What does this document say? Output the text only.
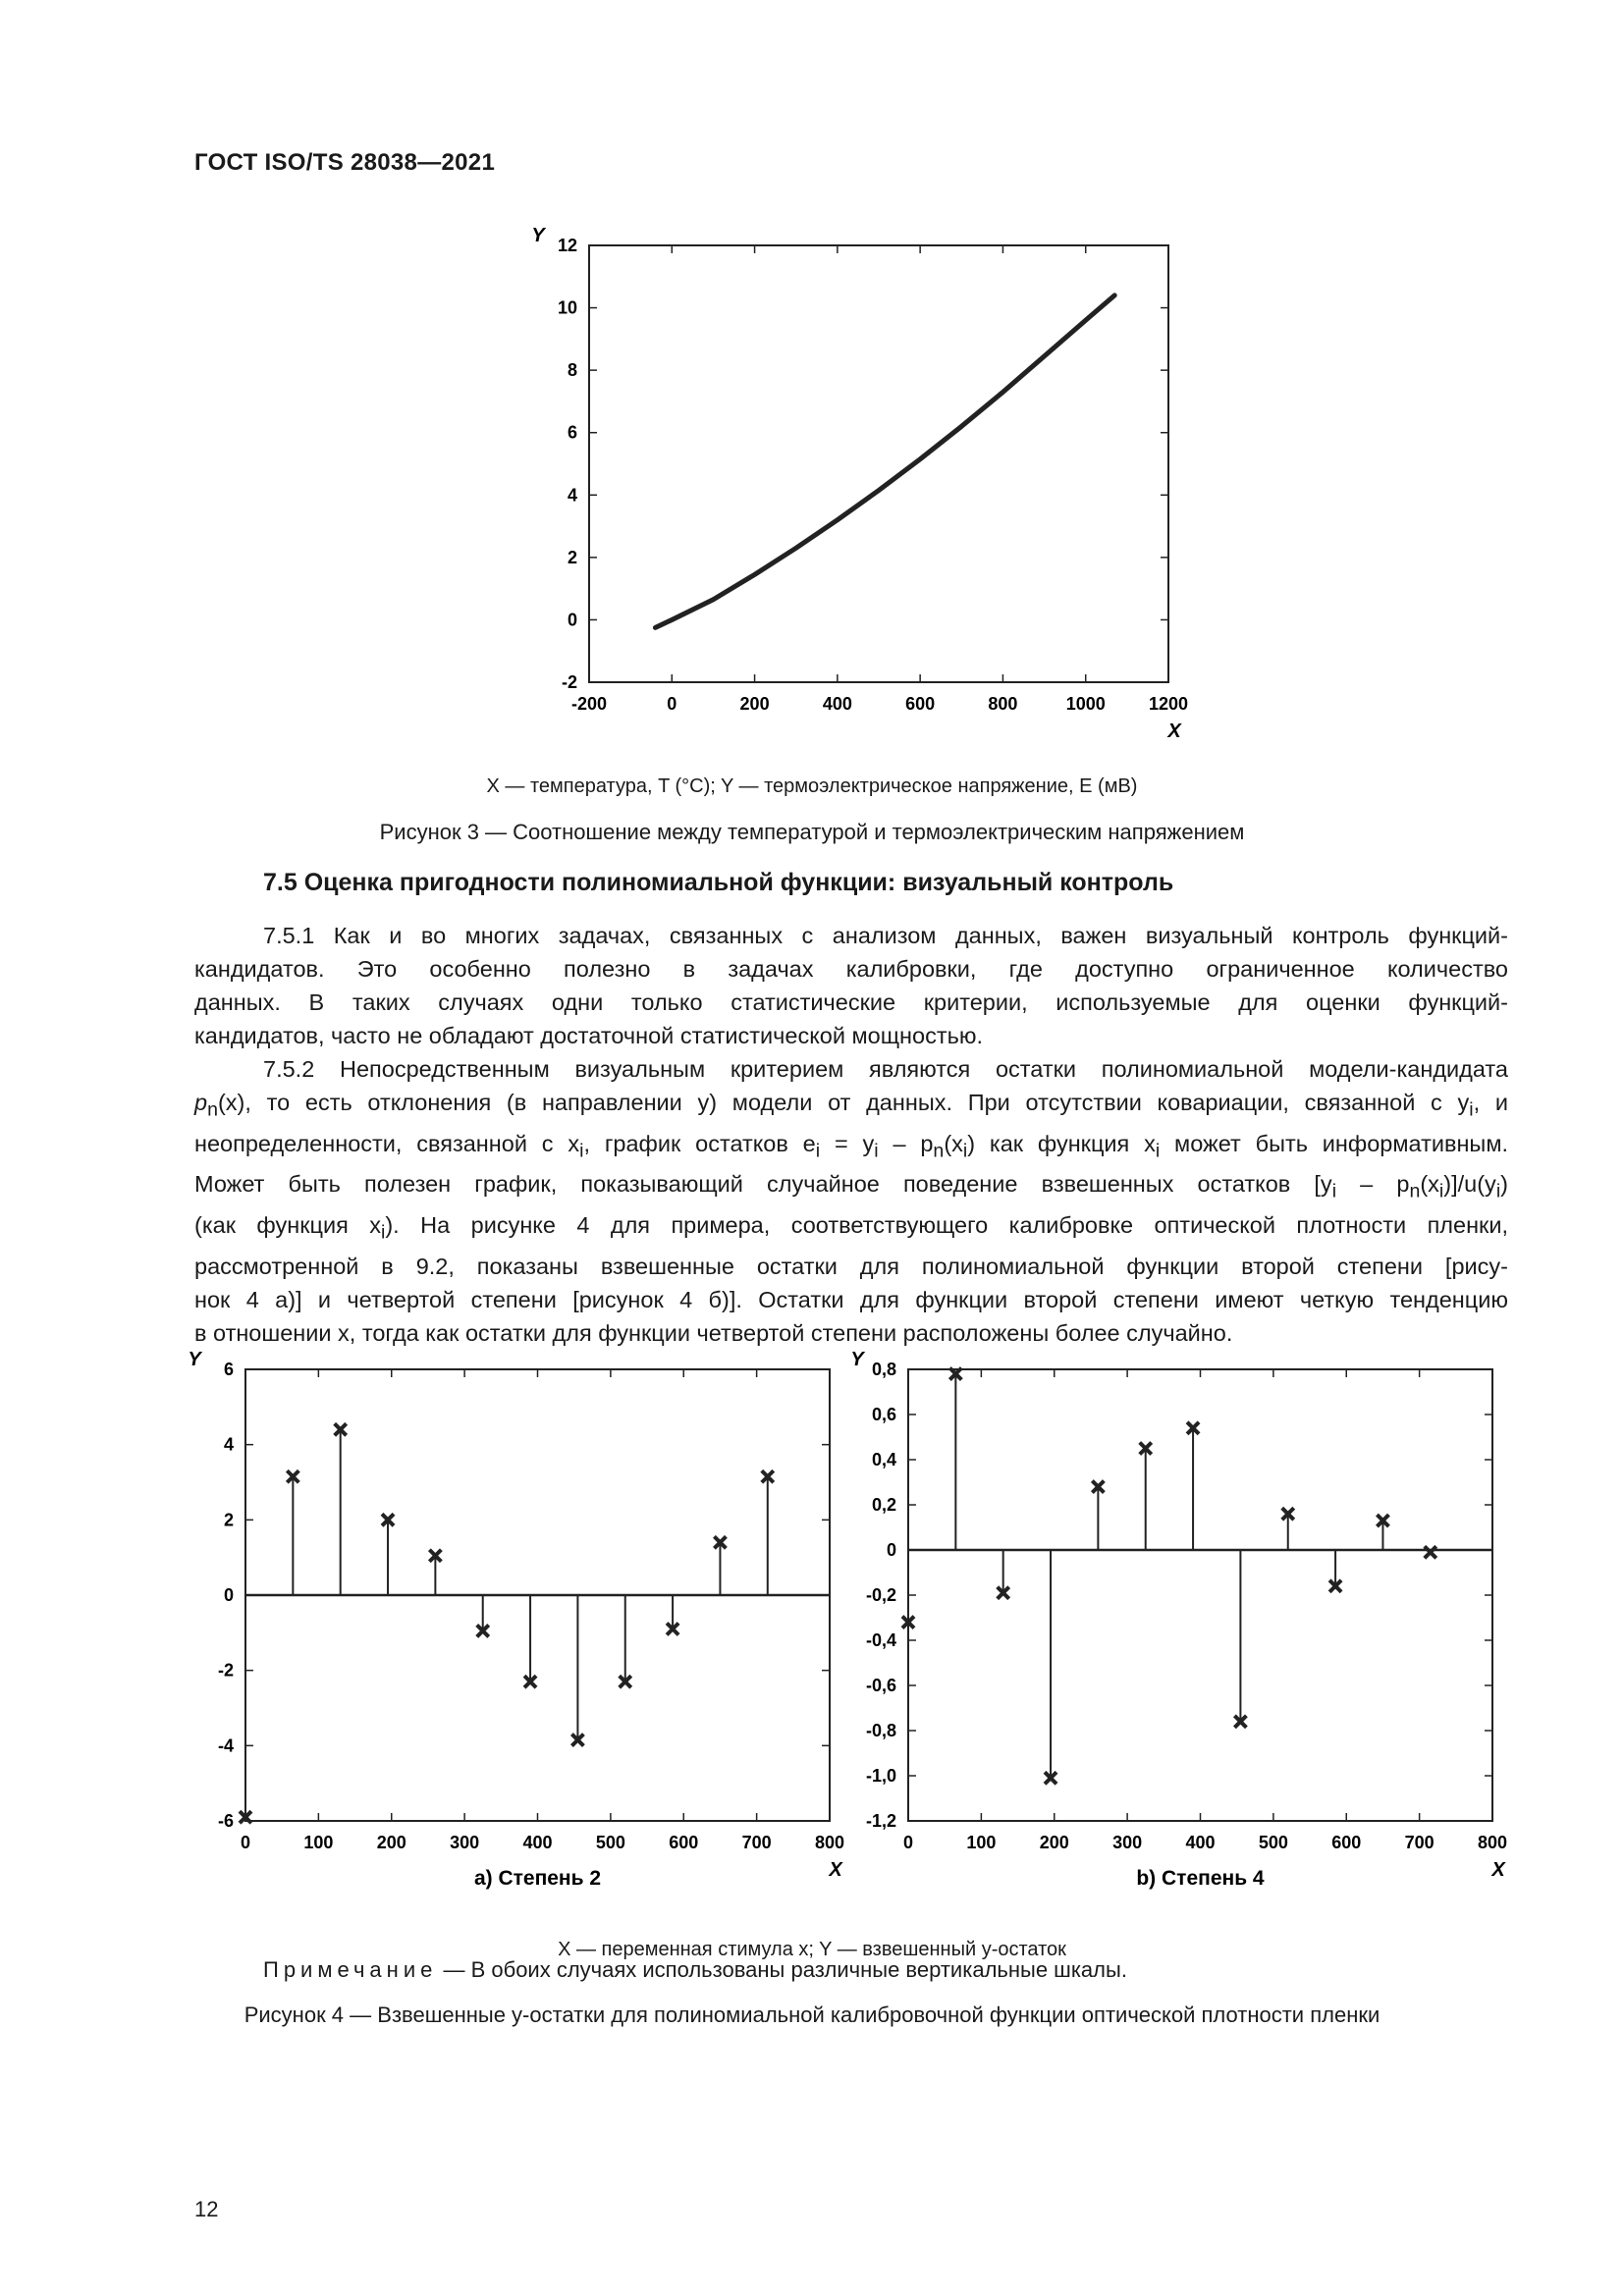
ГОСТ ISO/TS 28038—2021
-200	0	200	400	600	800	1000 1200
-2
0
2
4
6
8
10
12
X
Y
X — температура, T (°C); Y — термоэлектрическое напряжение, E (мВ)
Рисунок 3 — Соотношение между температурой и термоэлектрическим напряжением
7.5 Оценка пригодности полиномиальной функции: визуальный контроль
7.5.1 Как и во многих задачах, связанных с анализом данных, важен визуальный контроль функций-
кандидатов. Это особенно полезно в задачах калибровки, где доступно ограниченное количество
данных. В таких случаях одни только статистические критерии, используемые для оценки функций-
кандидатов, часто не обладают достаточной статистической мощностью.
7.5.2 Непосредственным визуальным критерием являются остатки полиномиальной модели-кандидата
$p_n(x)$, то есть отклонения (в направлении y) модели от данных. При отсутствии ковариации, связанной с $y_i$, и
неопределенности, связанной с $x_i$, график остатков $e_i = y_i - p_n(x_i)$ как функция $x_i$ может быть информативным.
Может быть полезен график, показывающий случайное поведение взвешенных остатков $[y_i - p_n(x_i)]/u(y_i)$
(как функция $x_i$). На рисунке 4 для примера, соответствующего калибровке оптической плотности пленки,
рассмотренной в 9.2, показаны взвешенные остатки для полиномиальной функции второй степени [рису-
нок 4 а)] и четвертой степени [рисунок 4 б)]. Остатки для функции второй степени имеют четкую тенденцию
в отношении x, тогда как остатки для функции четвертой степени расположены более случайно.
0	100 200 300 400 500 600 700 800
-6
-4
-2
0
2
4
6
X
Y
a) Степень 2
0	100 200 300 400 500 600 700 800
-1,2
-1,0
-0,8
-0,6
-0,4
-0,2
0
0,2
0,4
0,6
0,8
X
Y
b) Степень 4
X — переменная стимула x; Y — взвешенный y-остаток
Примечание — В обоих случаях использованы различные вертикальные шкалы.
Рисунок 4 — Взвешенные y-остатки для полиномиальной калибровочной функции оптической плотности пленки
12
